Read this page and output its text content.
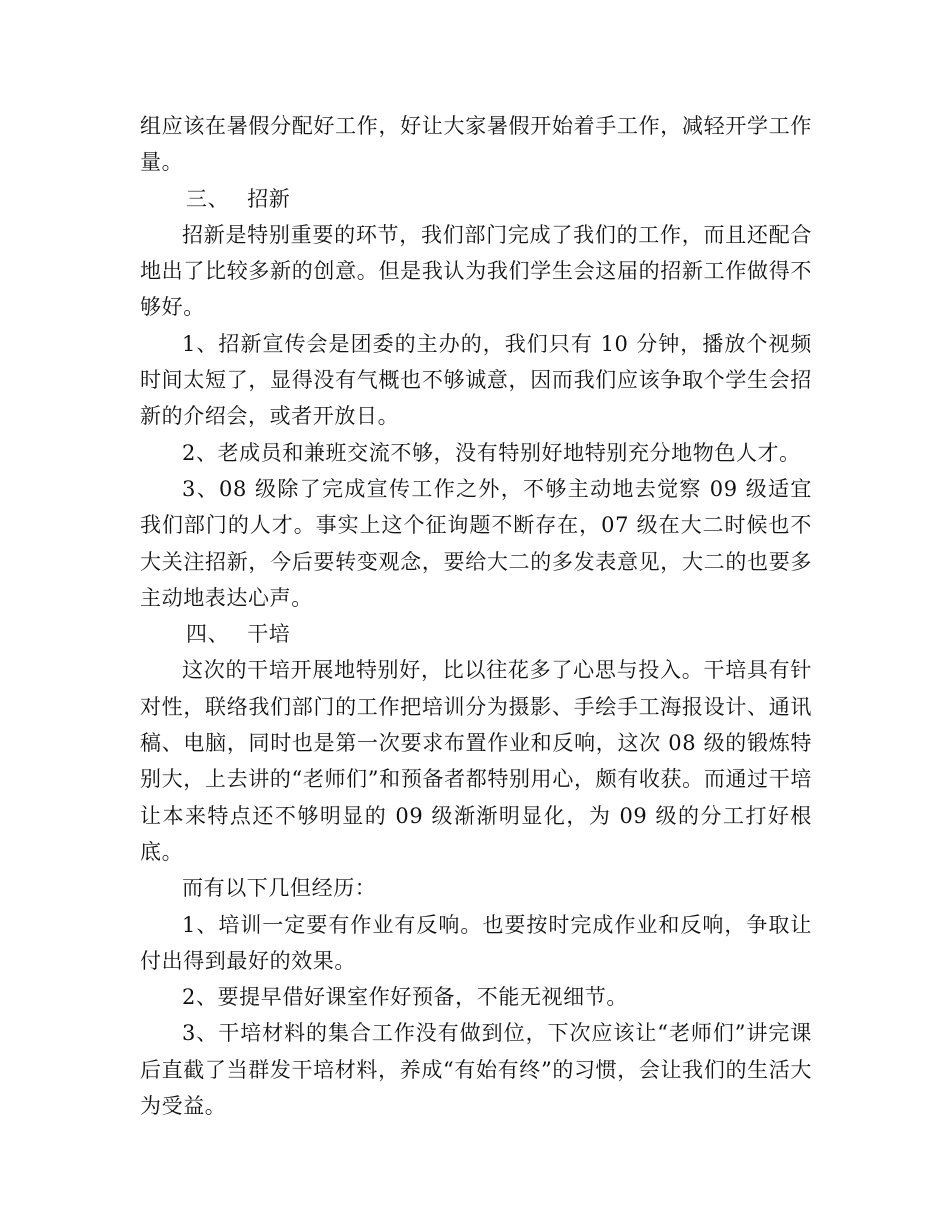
组应该在暑假分配好工作，好让大家暑假开始着手工作，减轻开学工作量。

三、 招新

招新是特别重要的环节，我们部门完成了我们的工作，而且还配合地出了比较多新的创意。但是我认为我们学生会这届的招新工作做得不够好。

1、招新宣传会是团委的主办的，我们只有 10 分钟，播放个视频时间太短了，显得没有气概也不够诚意，因而我们应该争取个学生会招新的介绍会，或者开放日。

2、老成员和兼班交流不够，没有特别好地特别充分地物色人才。

3、08 级除了完成宣传工作之外，不够主动地去觉察 09 级适宜我们部门的人才。事实上这个征询题不断存在，07 级在大二时候也不大关注招新，今后要转变观念，要给大二的多发表意见，大二的也要多主动地表达心声。

四、 干培

这次的干培开展地特别好，比以往花多了心思与投入。干培具有针对性，联络我们部门的工作把培训分为摄影、手绘手工海报设计、通讯稿、电脑，同时也是第一次要求布置作业和反响，这次 08 级的锻炼特别大，上去讲的“老师们”和预备者都特别用心，颇有收获。而通过干培让本来特点还不够明显的 09 级渐渐明显化，为 09 级的分工打好根底。

而有以下几但经历：

1、培训一定要有作业有反响。也要按时完成作业和反响，争取让付出得到最好的效果。

2、要提早借好课室作好预备，不能无视细节。

3、干培材料的集合工作没有做到位，下次应该让“老师们”讲完课后直截了当群发干培材料，养成“有始有终”的习惯，会让我们的生活大为受益。
